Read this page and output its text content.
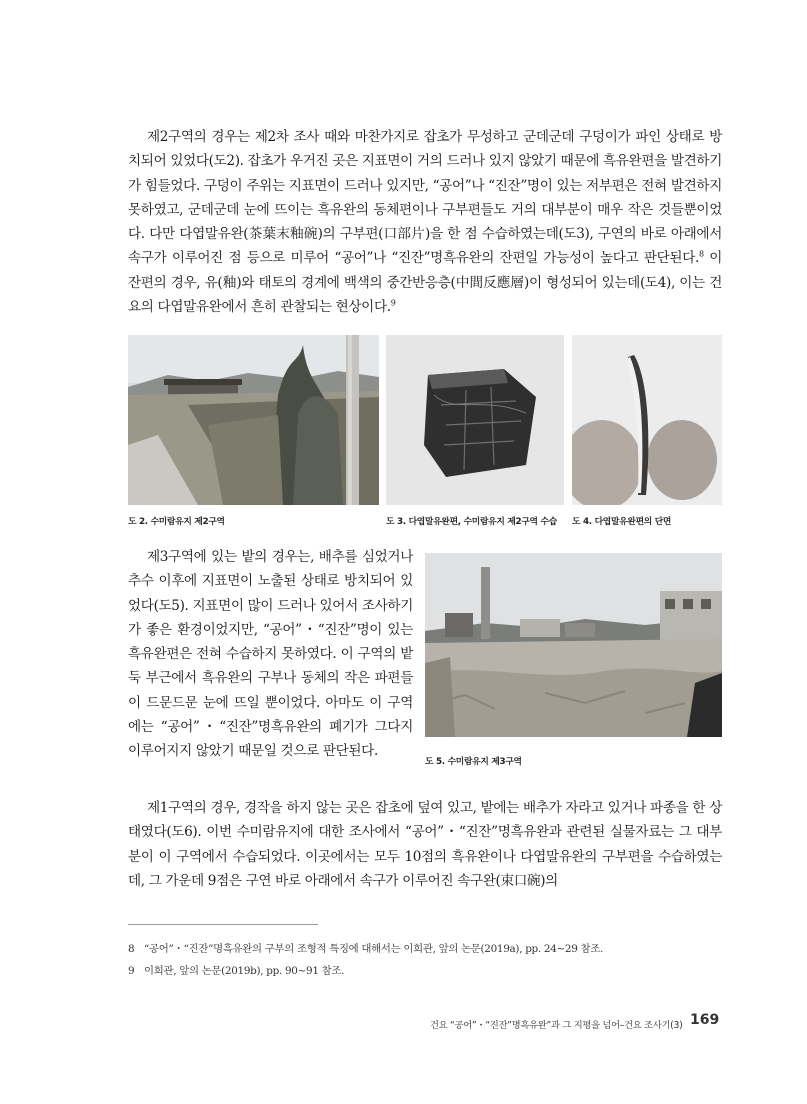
제2구역의 경우는 제2차 조사 때와 마찬가지로 잡초가 무성하고 군데군데 구덩이가 파인 상태로 방치되어 있었다(도2). 잡초가 우거진 곳은 지표면이 거의 드러나 있지 않았기 때문에 흑유완편을 발견하기가 힘들었다. 구덩이 주위는 지표면이 드러나 있지만, “공어”나 “진잔”명이 있는 저부편은 전혀 발견하지 못하였고, 군데군데 눈에 뜨이는 흑유완의 동체편이나 구부편들도 거의 대부분이 매우 작은 것들뿐이었다. 다만 다엽말유완(茶葉末釉碗)의 구부편(口部片)을 한 점 수습하였는데(도3), 구연의 바로 아래에서 속구가 이루어진 점 등으로 미루어 “공어”나 “진잔”명흑유완의 잔편일 가능성이 높다고 판단된다.$^8$ 이 잔편의 경우, 유(釉)와 태토의 경계에 백색의 중간반응층(中間反應層)이 형성되어 있는데(도4), 이는 건요의 다엽말유완에서 흔히 관찰되는 현상이다.$^9$

도 2. 수미람유지 제2구역	도 3. 다엽말유완편, 수미람유지 제2구역 수습 도 4. 다엽말유완편의 단면

제3구역에 있는 밭의 경우는, 배추를 심었거나 추수 이후에 지표면이 노출된 상태로 방치되어 있었다(도5). 지표면이 많이 드러나 있어서 조사하기가 좋은 환경이었지만, “공어”・“진잔”명이 있는 흑유완편은 전혀 수습하지 못하였다. 이 구역의 밭둑 부근에서 흑유완의 구부나 동체의 작은 파편들이 드문드문 눈에 뜨일 뿐이었다. 아마도 이 구역에는 “공어”・“진잔”명흑유완의 폐기가 그다지 이루어지지 않았기 때문일 것으로 판단된다.

도 5. 수미람유지 제3구역

제1구역의 경우, 경작을 하지 않는 곳은 잡초에 덮여 있고, 밭에는 배추가 자라고 있거나 파종을 한 상태였다(도6). 이번 수미람유지에 대한 조사에서 “공어”・“진잔”명흑유완과 관련된 실물자료는 그 대부분이 이 구역에서 수습되었다. 이곳에서는 모두 10점의 흑유완이나 다엽말유완의 구부편을 수습하였는데, 그 가운데 9점은 구연 바로 아래에서 속구가 이루어진 속구완(束口碗)의

8 “공어”・“진잔”명흑유완의 구부의 조형적 특징에 대해서는 이희관, 앞의 논문(2019a), pp. 24~29 참조.
9 이희관, 앞의 논문(2019b), pp. 90~91 참조.
건요 “공어”・“진잔”명흑유완”과 그 지평을 넘어–건요 조사기(3) 169
